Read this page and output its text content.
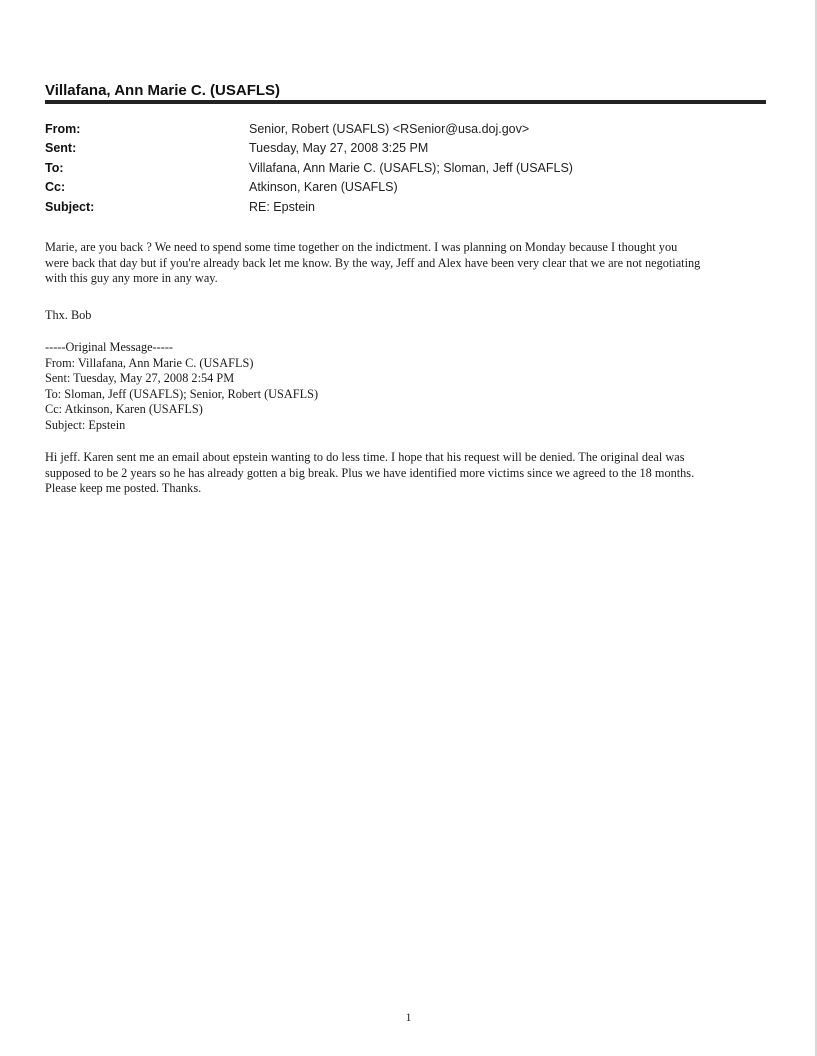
Villafana, Ann Marie C. (USAFLS)
From:	Senior, Robert (USAFLS) <RSenior@usa.doj.gov>
Sent:	Tuesday, May 27, 2008 3:25 PM
To:	Villafana, Ann Marie C. (USAFLS); Sloman, Jeff (USAFLS)
Cc:	Atkinson, Karen (USAFLS)
Subject:	RE: Epstein
Marie, are you back ? We need to spend some time together on the indictment. I was planning on Monday because I thought you
were back that day but if you're already back let me know. By the way, Jeff and Alex have been very clear that we are not negotiating
with this guy any more in any way.
Thx. Bob
-----Original Message-----
From: Villafana, Ann Marie C. (USAFLS)
Sent: Tuesday, May 27, 2008 2:54 PM
To: Sloman, Jeff (USAFLS); Senior, Robert (USAFLS)
Cc: Atkinson, Karen (USAFLS)
Subject: Epstein
Hi jeff. Karen sent me an email about epstein wanting to do less time. I hope that his request will be denied. The original deal was
supposed to be 2 years so he has already gotten a big break. Plus we have identified more victims since we agreed to the 18 months.
Please keep me posted. Thanks.
1
